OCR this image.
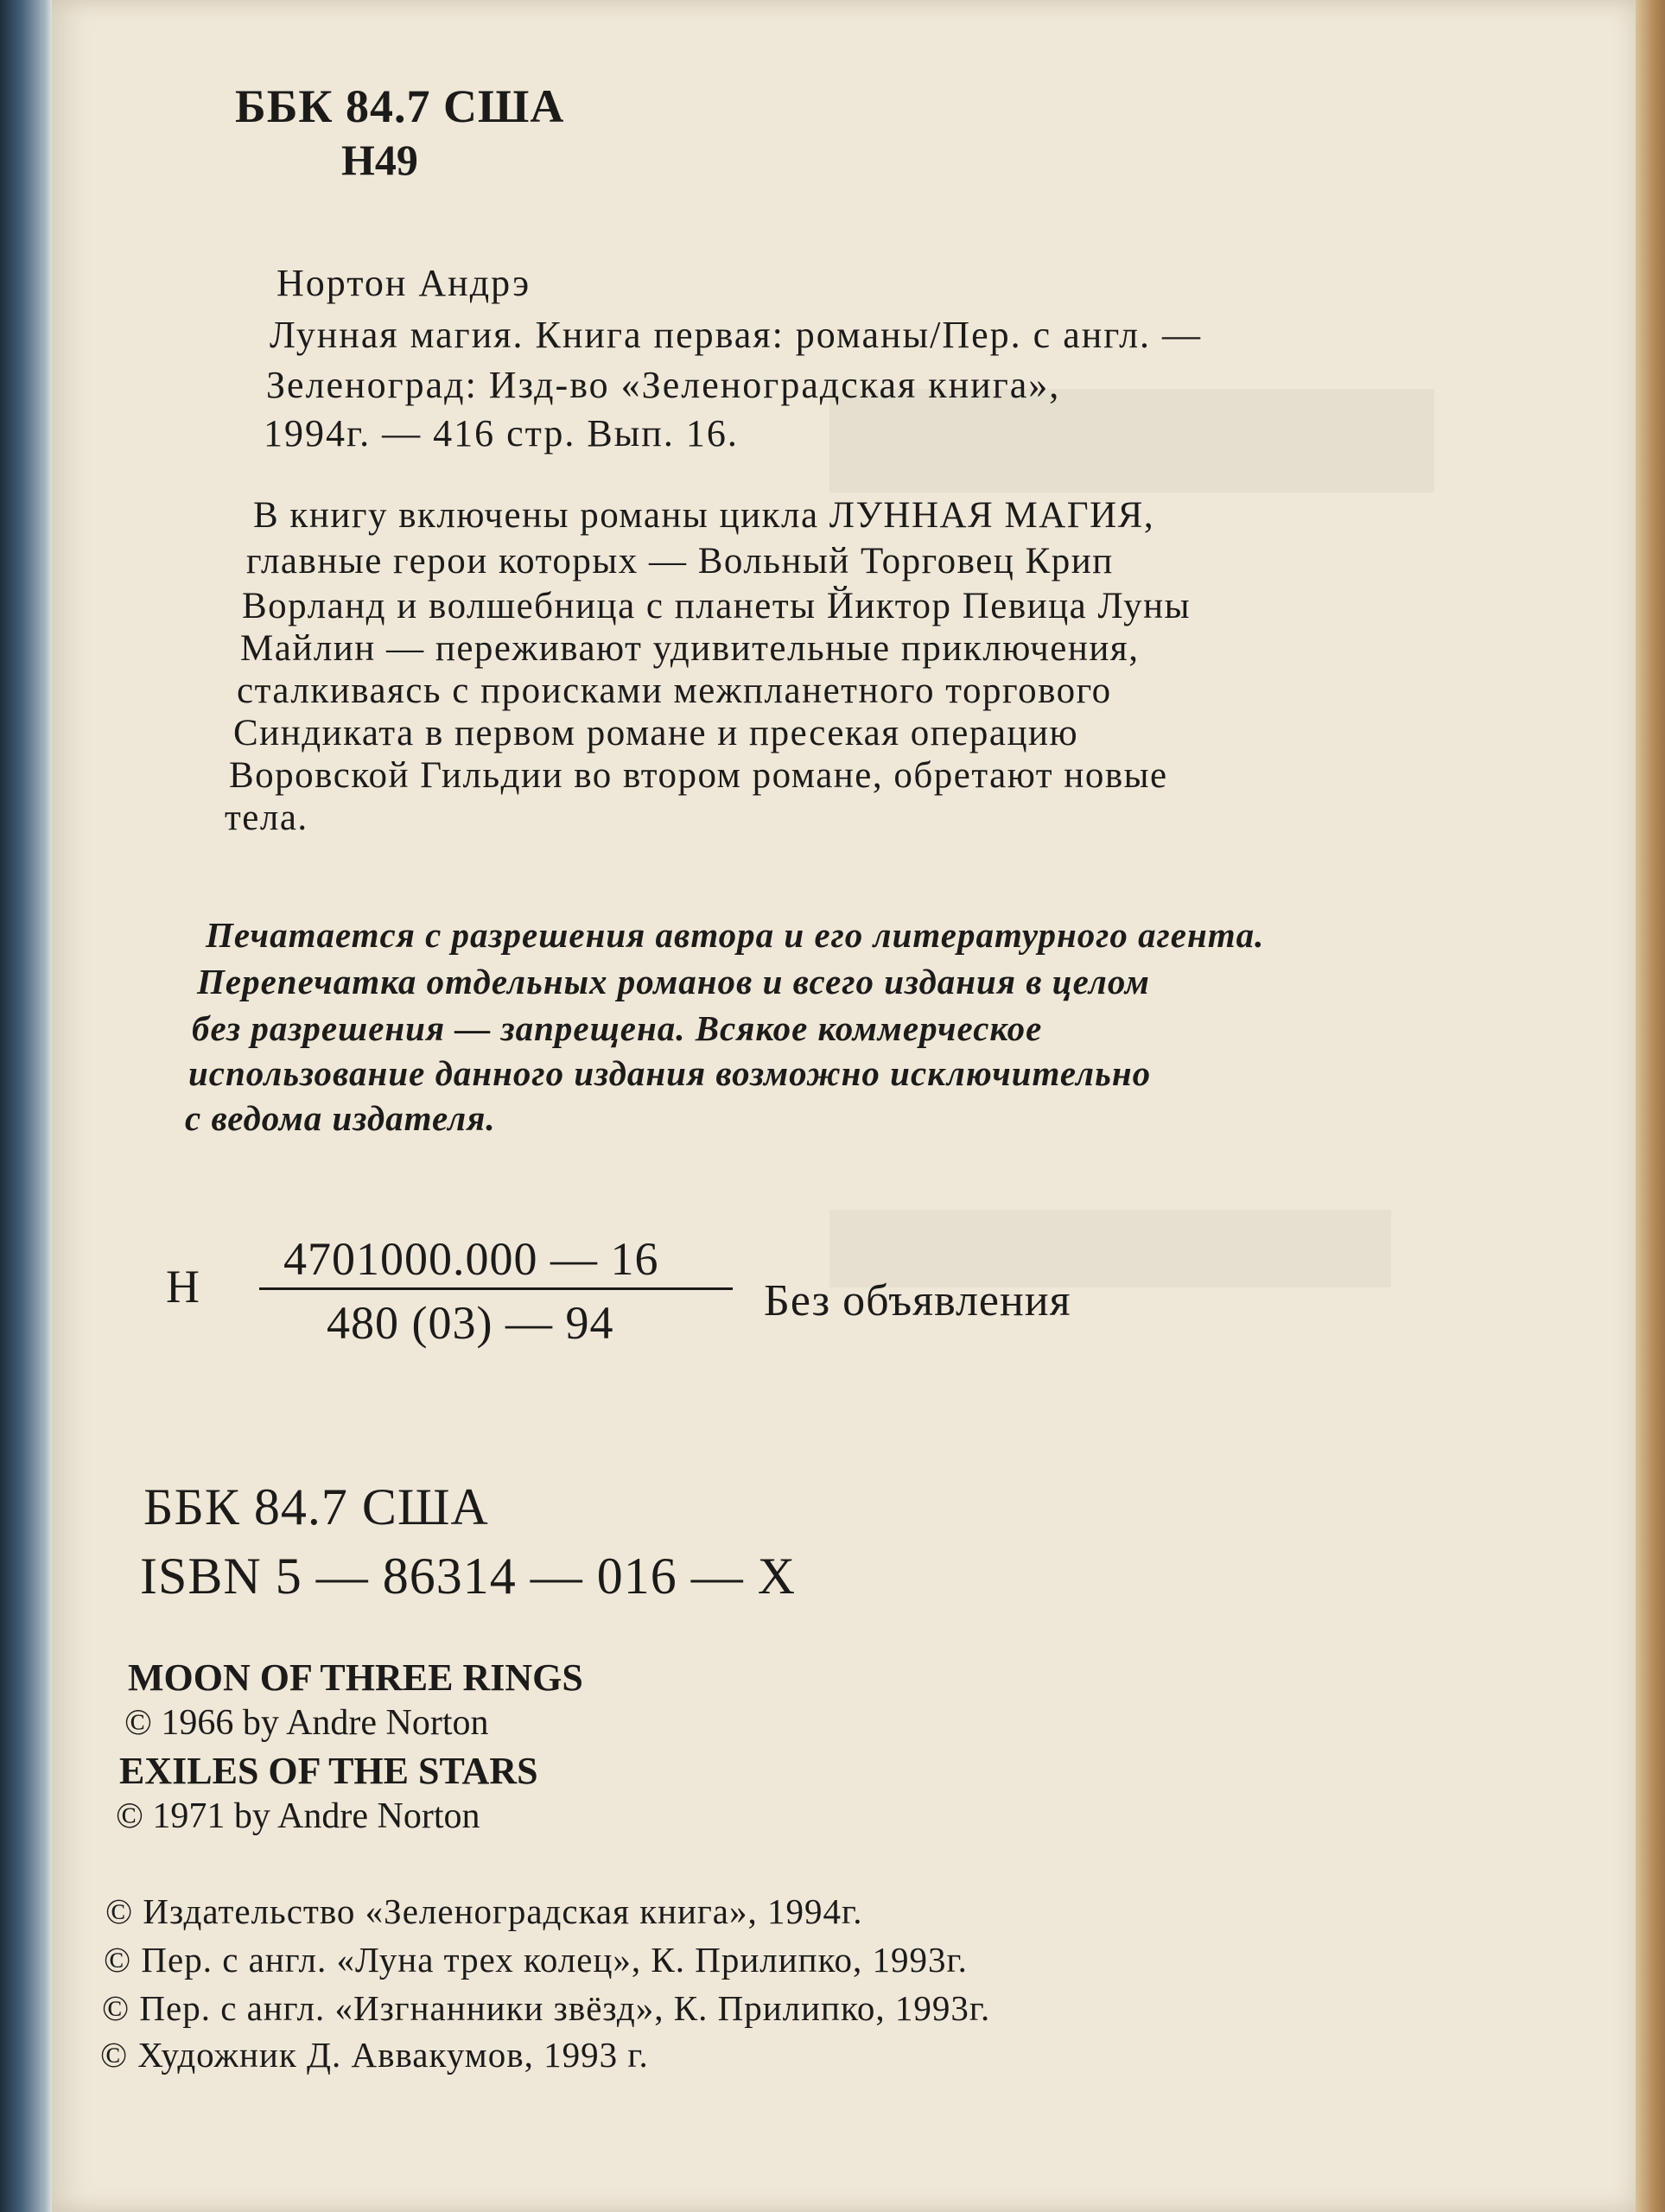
ББК 84.7 США
Н49
Нортон Андрэ
Лунная магия. Книга первая: романы/Пер. с англ. —
Зеленоград: Изд-во «Зеленоградская книга»,
1994г. — 416 стр. Вып. 16.
В книгу включены романы цикла ЛУННАЯ МАГИЯ,
главные герои которых — Вольный Торговец Крип
Ворланд и волшебница с планеты Йиктор Певица Луны
Майлин — переживают удивительные приключения,
сталкиваясь с происками межпланетного торгового
Синдиката в первом романе и пресекая операцию
Воровской Гильдии во втором романе, обретают новые
тела.
Печатается с разрешения автора и его литературного агента.
Перепечатка отдельных романов и всего издания в целом
без разрешения — запрещена. Всякое коммерческое
использование данного издания возможно исключительно
с ведома издателя.
Н
4701000.000 — 16
480 (03) — 94	Без объявления
ББК 84.7 США
ISBN 5 — 86314 — 016 — X
MOON OF THREE RINGS
© 1966 by Andre Norton
EXILES OF THE STARS
© 1971 by Andre Norton
© Издательство «Зеленоградская книга», 1994г.
© Пер. с англ. «Луна трех колец», К. Прилипко, 1993г.
© Пер. с англ. «Изгнанники звёзд», К. Прилипко, 1993г.
© Художник Д. Аввакумов, 1993 г.
